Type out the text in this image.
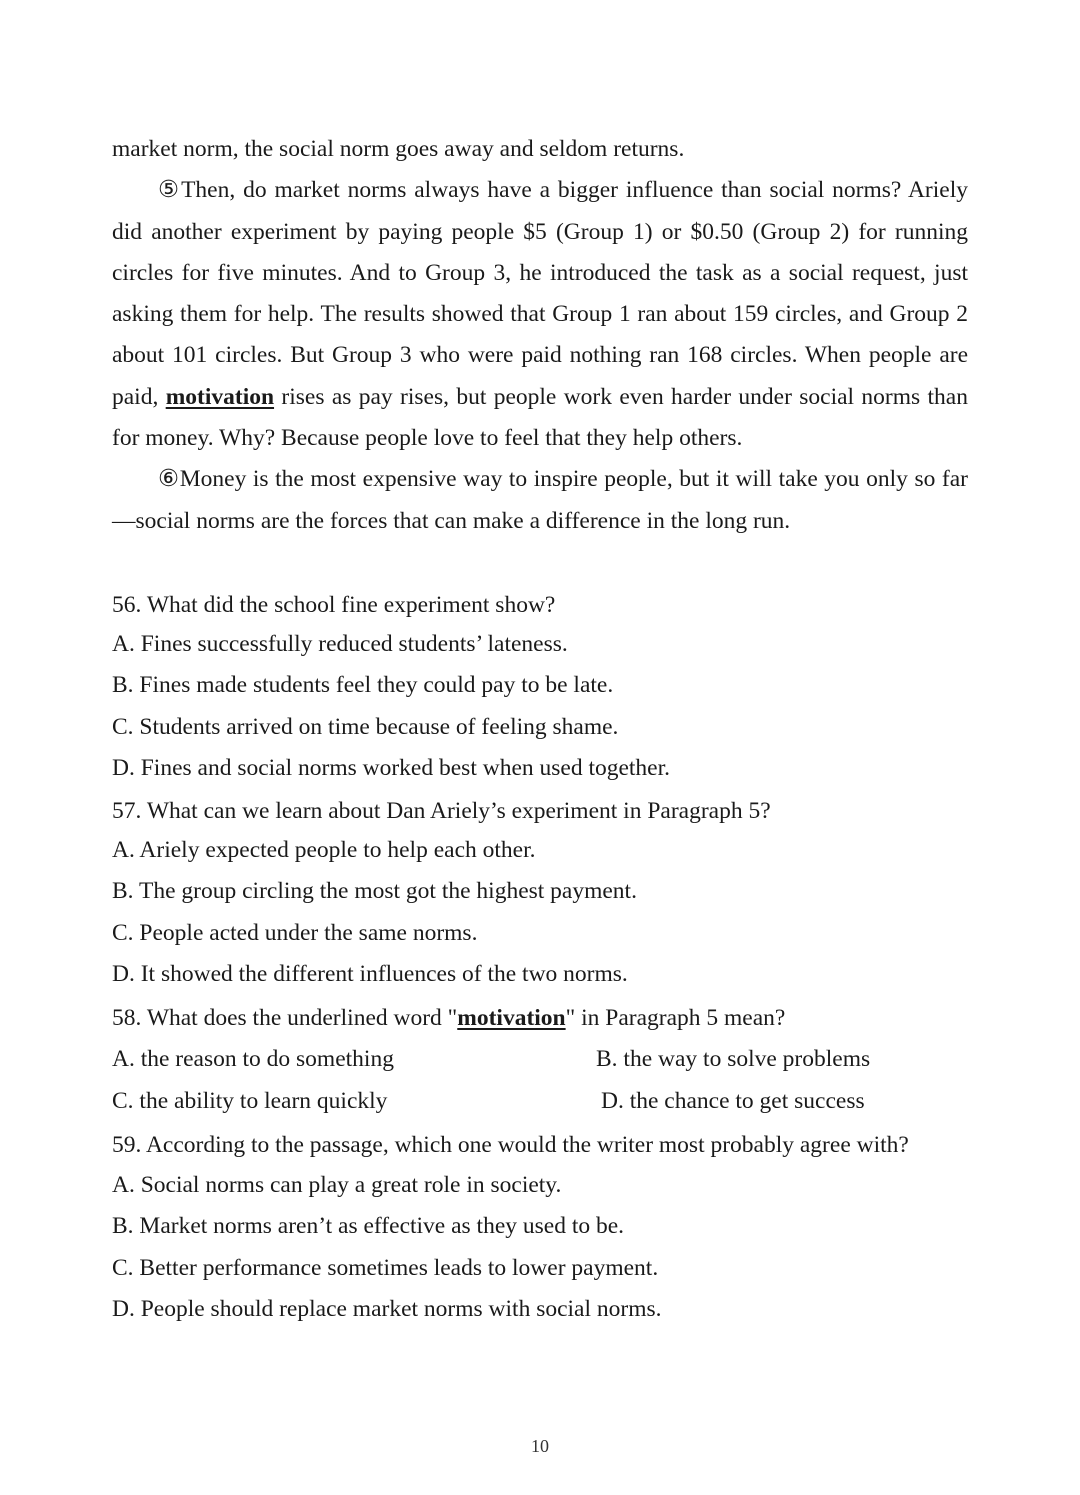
market norm, the social norm goes away and seldom returns.

⑤Then, do market norms always have a bigger influence than social norms? Ariely did another experiment by paying people $5 (Group 1) or $0.50 (Group 2) for running circles for five minutes. And to Group 3, he introduced the task as a social request, just asking them for help. The results showed that Group 1 ran about 159 circles, and Group 2 about 101 circles. But Group 3 who were paid nothing ran 168 circles. When people are paid, motivation rises as pay rises, but people work even harder under social norms than for money. Why? Because people love to feel that they help others.

⑥Money is the most expensive way to inspire people, but it will take you only so far—social norms are the forces that can make a difference in the long run.

56. What did the school fine experiment show?
A. Fines successfully reduced students’ lateness.
B. Fines made students feel they could pay to be late.
C. Students arrived on time because of feeling shame.
D. Fines and social norms worked best when used together.
57. What can we learn about Dan Ariely’s experiment in Paragraph 5?
A. Ariely expected people to help each other.
B. The group circling the most got the highest payment.
C. People acted under the same norms.
D. It showed the different influences of the two norms.
58. What does the underlined word "motivation" in Paragraph 5 mean?
A. the reason to do something	B. the way to solve problems
C. the ability to learn quickly	D. the chance to get success
59. According to the passage, which one would the writer most probably agree with?
A. Social norms can play a great role in society.
B. Market norms aren’t as effective as they used to be.
C. Better performance sometimes leads to lower payment.
D. People should replace market norms with social norms.
10
